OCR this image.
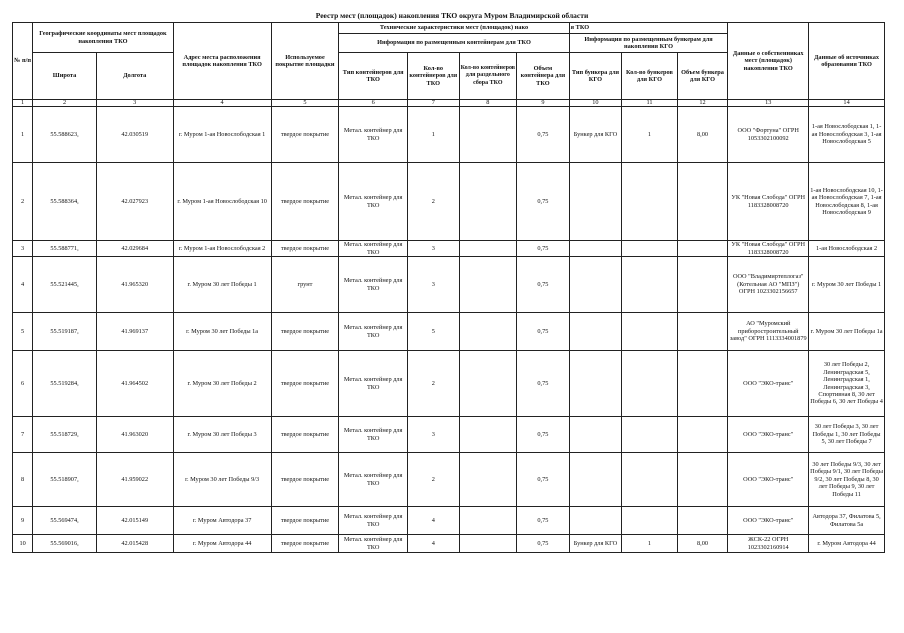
Реестр мест (площадок) накопления ТКО округа Муром Владимирской области
№ п/п	Географические координаты мест площадок накопления ТКО		Адрес места расположения площадок накопления ТКО	Используемое покрытие площадки	Технические характеристики мест (площадок) нако				я ТКО			Данные о собственниках мест (площадок) накопления ТКО	Данные об источниках образования ТКО
					Информация по размещенным контейнерам для ТКО				Информация по размещенным бункерам для накопления КГО				
	Широта	Долгота			Тип контейнеров для ТКО	Кол-во контейнеров для ТКО	Кол-во контейнеров для раздельного сбора ТКО	Объем контейнера для ТКО	Тип бункера для КГО	Кол-во бункеров для КГО	Объем бункера для КГО		
1	2	3	4	5	6	7	8	9	10	11	12	13	14
1	55.588623,	42.030519	г. Муром 1-ая Новослободская 1	твердое покрытие	Метал. контейнер для ТКО	1		0,75	Бункер для КГО	1	8,00	ООО "Фортуна" ОГРН 1053302100092	1-ая Новослободская 1, 1-ая Новослободская 3, 1-ая Новослободская 5
2	55.588364,	42.027923	г. Муром 1-ая Новослободская 10	твердое покрытие	Метал. контейнер для ТКО	2		0,75				УК "Новая Слобода" ОГРН 1183328008720	1-ая Новослободская 10, 1-ая Новослободская 7, 1-ая Новослободская 8, 1-ая Новослободская 9
3	55.588771,	42.029684	г. Муром 1-ая Новослободская 2	твердое покрытие	Метал. контейнер для ТКО	3		0,75				УК "Новая Слобода" ОГРН 1183328008720	1-ая Новослободская 2
4	55.521445,	41.965320	г. Муром 30 лет Победы 1	грунт	Метал. контейнер для ТКО	3		0,75				ООО "Владимиртеплогаз" (Котельная АО "МПЗ") ОГРН 1023302156657	г. Муром 30 лет Победы 1
5	55.519187,	41.969137	г. Муром 30 лет Победы 1а	твердое покрытие	Метал. контейнер для ТКО	5		0,75				АО "Муромский приборостроительный завод" ОГРН 1113334001879	г. Муром 30 лет Победы 1а
6	55.519284,	41.964502	г. Муром 30 лет Победы 2	твердое покрытие	Метал. контейнер для ТКО	2		0,75				ООО "ЭКО-транс"	30 лет Победы 2, Ленинградская 5, Ленинградская 1, Ленинградская 3, Спортивная 8, 30 лет Победы 6, 30 лет Победы 4
7	55.518729,	41.963020	г. Муром 30 лет Победы 3	твердое покрытие	Метал. контейнер для ТКО	3		0,75				ООО "ЭКО-транс"	30 лет Победы 3, 30 лет Победы 1, 30 лет Победы 5, 30 лет Победы 7
8	55.518907,	41.959022	г. Муром 30 лет Победы 9/3	твердое покрытие	Метал. контейнер для ТКО	2		0,75				ООО "ЭКО-транс"	30 лет Победы 9/3, 30 лет Победы 9/1, 30 лет Победы 9/2, 30 лет Победы 8, 30 лет Победы 9, 30 лет Победы 11
9	55.569474,	42.015149	г. Муром Автодора 37	твердое покрытие	Метал. контейнер для ТКО	4		0,75				ООО "ЭКО-транс"	Автодора 37, Филатова 5, Филатова 5а
10	55.569016,	42.015428	г. Муром Автодора 44	твердое покрытие	Метал. контейнер для ТКО	4		0,75	Бункер для КГО	1	8,00	ЖСК-22 ОГРН 1023302160914	г. Муром Автодора 44
